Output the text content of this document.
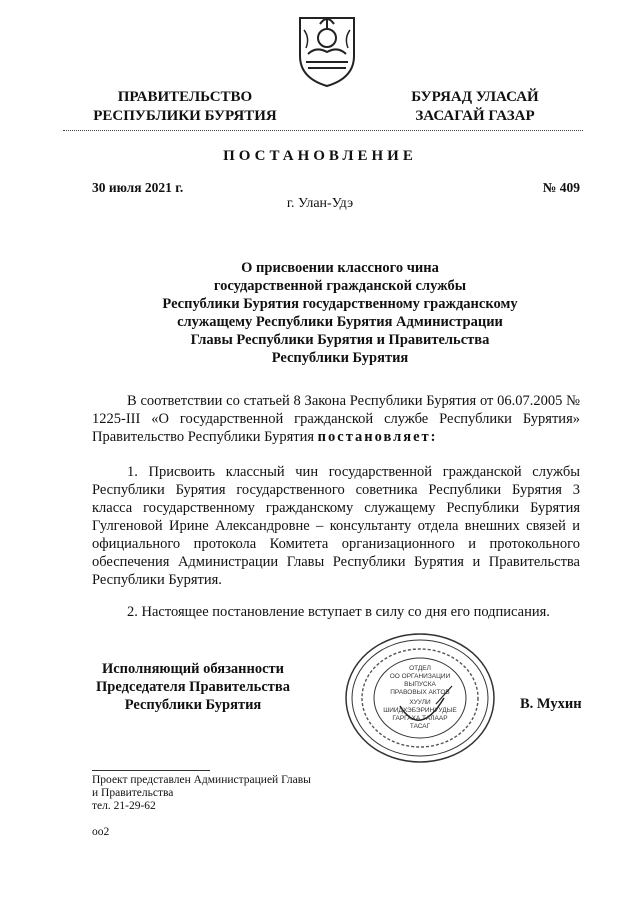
ПРАВИТЕЛЬСТВО
РЕСПУБЛИКИ БУРЯТИЯ
БУРЯАД УЛАСАЙ
ЗАСАГАЙ ГАЗАР
ПОСТАНОВЛЕНИЕ
30 июля 2021 г.	№ 409
г. Улан-Удэ
О присвоении классного чина
государственной гражданской службы
Республики Бурятия государственному гражданскому
служащему Республики Бурятия Администрации
Главы Республики Бурятия и Правительства
Республики Бурятия
В соответствии со статьей 8 Закона Республики Бурятия от 06.07.2005 № 1225-III «О государственной гражданской службе Республики Бурятия» Правительство Республики Бурятия постановляет:
1. Присвоить классный чин государственной гражданской службы Республики Бурятия государственного советника Республики Бурятия 3 класса государственному гражданскому служащему Республики Бурятия Гулгеновой Ирине Александровне – консультанту отдела внешних связей и официального протокола Комитета организационного и протокольного обеспечения Администрации Главы Республики Бурятия и Правительства Республики Бурятия.
2. Настоящее постановление вступает в силу со дня его подписания.
Исполняющий обязанности
Председателя Правительства
Республики Бурятия
ОТДЕЛ
ОО ОРГАНИЗАЦИИ
ВЫПУСКА
ПРАВОВЫХ АКТОВ
ХУУЛИ
ШИИДХЭБЭРИНУУДЫЕ
ГАРГАХА ТАЛААР
ТАСАГ
В. Мухин
Проект представлен Администрацией Главы
и Правительства
тел. 21-29-62
оо2
